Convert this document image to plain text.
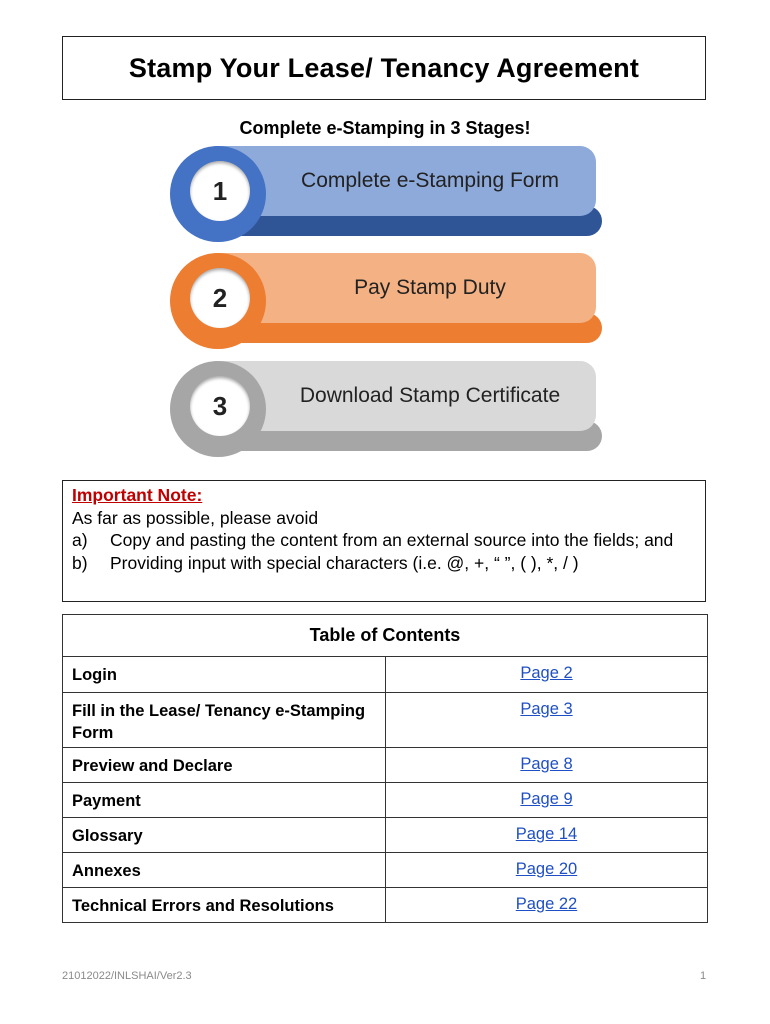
Stamp Your Lease/ Tenancy Agreement
Complete e-Stamping in 3 Stages!
1	Complete e-Stamping Form
2	Pay Stamp Duty
3	Download Stamp Certificate
Important Note:
As far as possible, please avoid
a)	Copy and pasting the content from an external source into the fields; and
b)	Providing input with special characters (i.e. @, +, “ ”, ( ), *, / )
Table of Contents	
Login	Page 2
Fill in the Lease/ Tenancy e-Stamping Form	Page 3
Preview and Declare	Page 8
Payment	Page 9
Glossary	Page 14
Annexes	Page 20
Technical Errors and Resolutions	Page 22
21012022/INLSHAI/Ver2.3	1
